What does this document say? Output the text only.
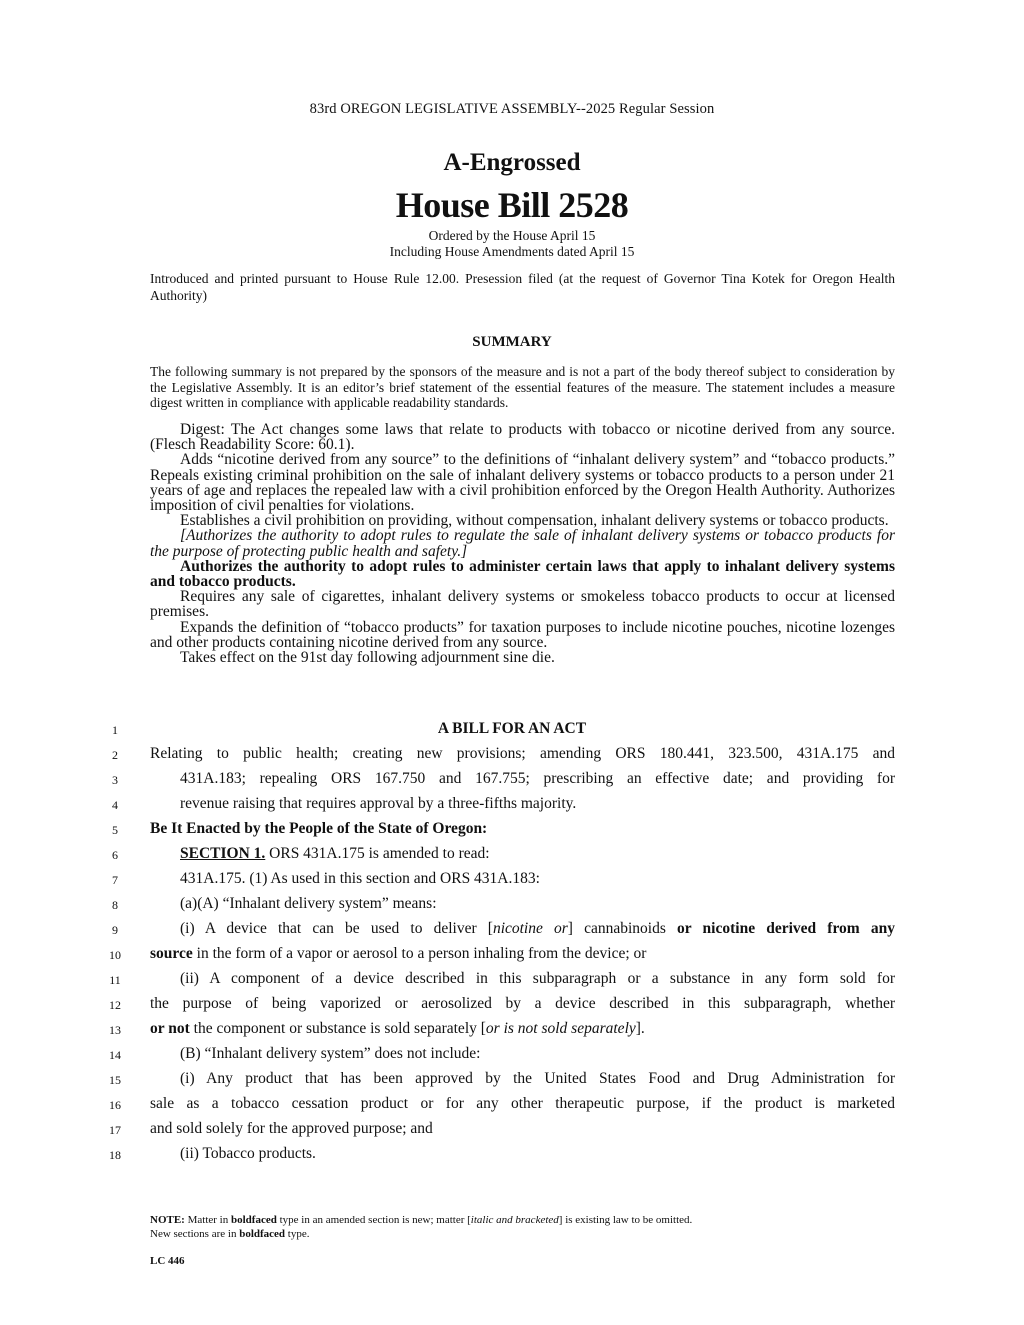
83rd OREGON LEGISLATIVE ASSEMBLY--2025 Regular Session
A-Engrossed
House Bill 2528
Ordered by the House April 15
Including House Amendments dated April 15
Introduced and printed pursuant to House Rule 12.00. Presession filed (at the request of Governor Tina Kotek for Oregon Health Authority)
SUMMARY
The following summary is not prepared by the sponsors of the measure and is not a part of the body thereof subject to consideration by the Legislative Assembly. It is an editor’s brief statement of the essential features of the measure. The statement includes a measure digest written in compliance with applicable readability standards.

Digest: The Act changes some laws that relate to products with tobacco or nicotine derived from any source. (Flesch Readability Score: 60.1).

Adds “nicotine derived from any source” to the definitions of “inhalant delivery system” and “tobacco products.” Repeals existing criminal prohibition on the sale of inhalant delivery systems or tobacco products to a person under 21 years of age and replaces the repealed law with a civil prohibition enforced by the Oregon Health Authority. Authorizes imposition of civil penalties for violations.

Establishes a civil prohibition on providing, without compensation, inhalant delivery systems or tobacco products.

[Authorizes the authority to adopt rules to regulate the sale of inhalant delivery systems or tobacco products for the purpose of protecting public health and safety.]

Authorizes the authority to adopt rules to administer certain laws that apply to inhalant delivery systems and tobacco products.

Requires any sale of cigarettes, inhalant delivery systems or smokeless tobacco products to occur at licensed premises.

Expands the definition of “tobacco products” for taxation purposes to include nicotine pouches, nicotine lozenges and other products containing nicotine derived from any source.

Takes effect on the 91st day following adjournment sine die.

1
2
3
4
5
6
7
8
9
10
11
12
13
14
15
16
17
18
A BILL FOR AN ACT
Relating to public health; creating new provisions; amending ORS 180.441, 323.500, 431A.175 and
431A.183; repealing ORS 167.750 and 167.755; prescribing an effective date; and providing for
revenue raising that requires approval by a three-fifths majority.
Be It Enacted by the People of the State of Oregon:
SECTION 1. ORS 431A.175 is amended to read:
431A.175. (1) As used in this section and ORS 431A.183:
(a)(A) “Inhalant delivery system” means:
(i) A device that can be used to deliver [nicotine or] cannabinoids or nicotine derived from any
source in the form of a vapor or aerosol to a person inhaling from the device; or
(ii) A component of a device described in this subparagraph or a substance in any form sold for
the purpose of being vaporized or aerosolized by a device described in this subparagraph, whether
or not the component or substance is sold separately [or is not sold separately].
(B) “Inhalant delivery system” does not include:
(i) Any product that has been approved by the United States Food and Drug Administration for
sale as a tobacco cessation product or for any other therapeutic purpose, if the product is marketed
and sold solely for the approved purpose; and
(ii) Tobacco products.
NOTE: Matter in boldfaced type in an amended section is new; matter [italic and bracketed] is existing law to be omitted.
New sections are in boldfaced type.
LC 446
